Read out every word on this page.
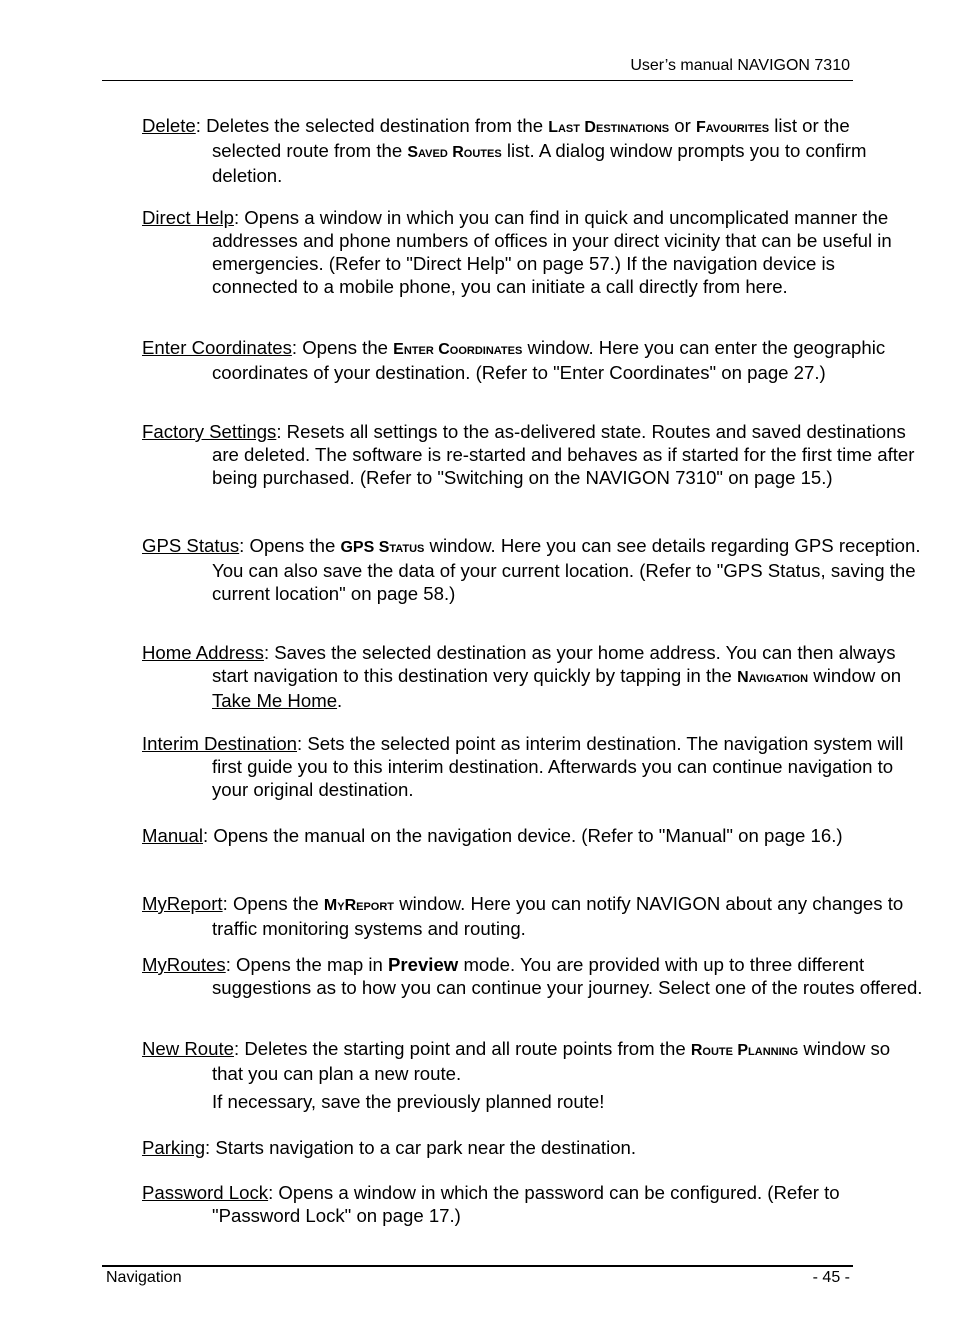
User’s manual NAVIGON 7310
Delete: Deletes the selected destination from the Last Destinations or Favourites list or the selected route from the Saved Routes list. A dialog window prompts you to confirm deletion.
Direct Help: Opens a window in which you can find in quick and uncomplicated manner the addresses and phone numbers of offices in your direct vicinity that can be useful in emergencies. (Refer to "Direct Help" on page 57.) If the navigation device is connected to a mobile phone, you can initiate a call directly from here.
Enter Coordinates: Opens the Enter Coordinates window. Here you can enter the geographic coordinates of your destination. (Refer to "Enter Coordinates" on page 27.)
Factory Settings: Resets all settings to the as-delivered state. Routes and saved destinations are deleted. The software is re-started and behaves as if started for the first time after being purchased. (Refer to "Switching on the NAVIGON 7310" on page 15.)
GPS Status: Opens the GPS Status window. Here you can see details regarding GPS reception. You can also save the data of your current location. (Refer to "GPS Status, saving the current location" on page 58.)
Home Address: Saves the selected destination as your home address. You can then always start navigation to this destination very quickly by tapping in the Navigation window on Take Me Home.
Interim Destination: Sets the selected point as interim destination. The navigation system will first guide you to this interim destination. Afterwards you can continue navigation to your original destination.
Manual: Opens the manual on the navigation device. (Refer to "Manual" on page 16.)
MyReport: Opens the MyReport window. Here you can notify NAVIGON about any changes to traffic monitoring systems and routing.
MyRoutes: Opens the map in Preview mode. You are provided with up to three different suggestions as to how you can continue your journey. Select one of the routes offered.
New Route: Deletes the starting point and all route points from the Route Planning window so that you can plan a new route.
If necessary, save the previously planned route!
Parking: Starts navigation to a car park near the destination.
Password Lock: Opens a window in which the password can be configured. (Refer to "Password Lock" on page 17.)
Navigation	- 45 -
